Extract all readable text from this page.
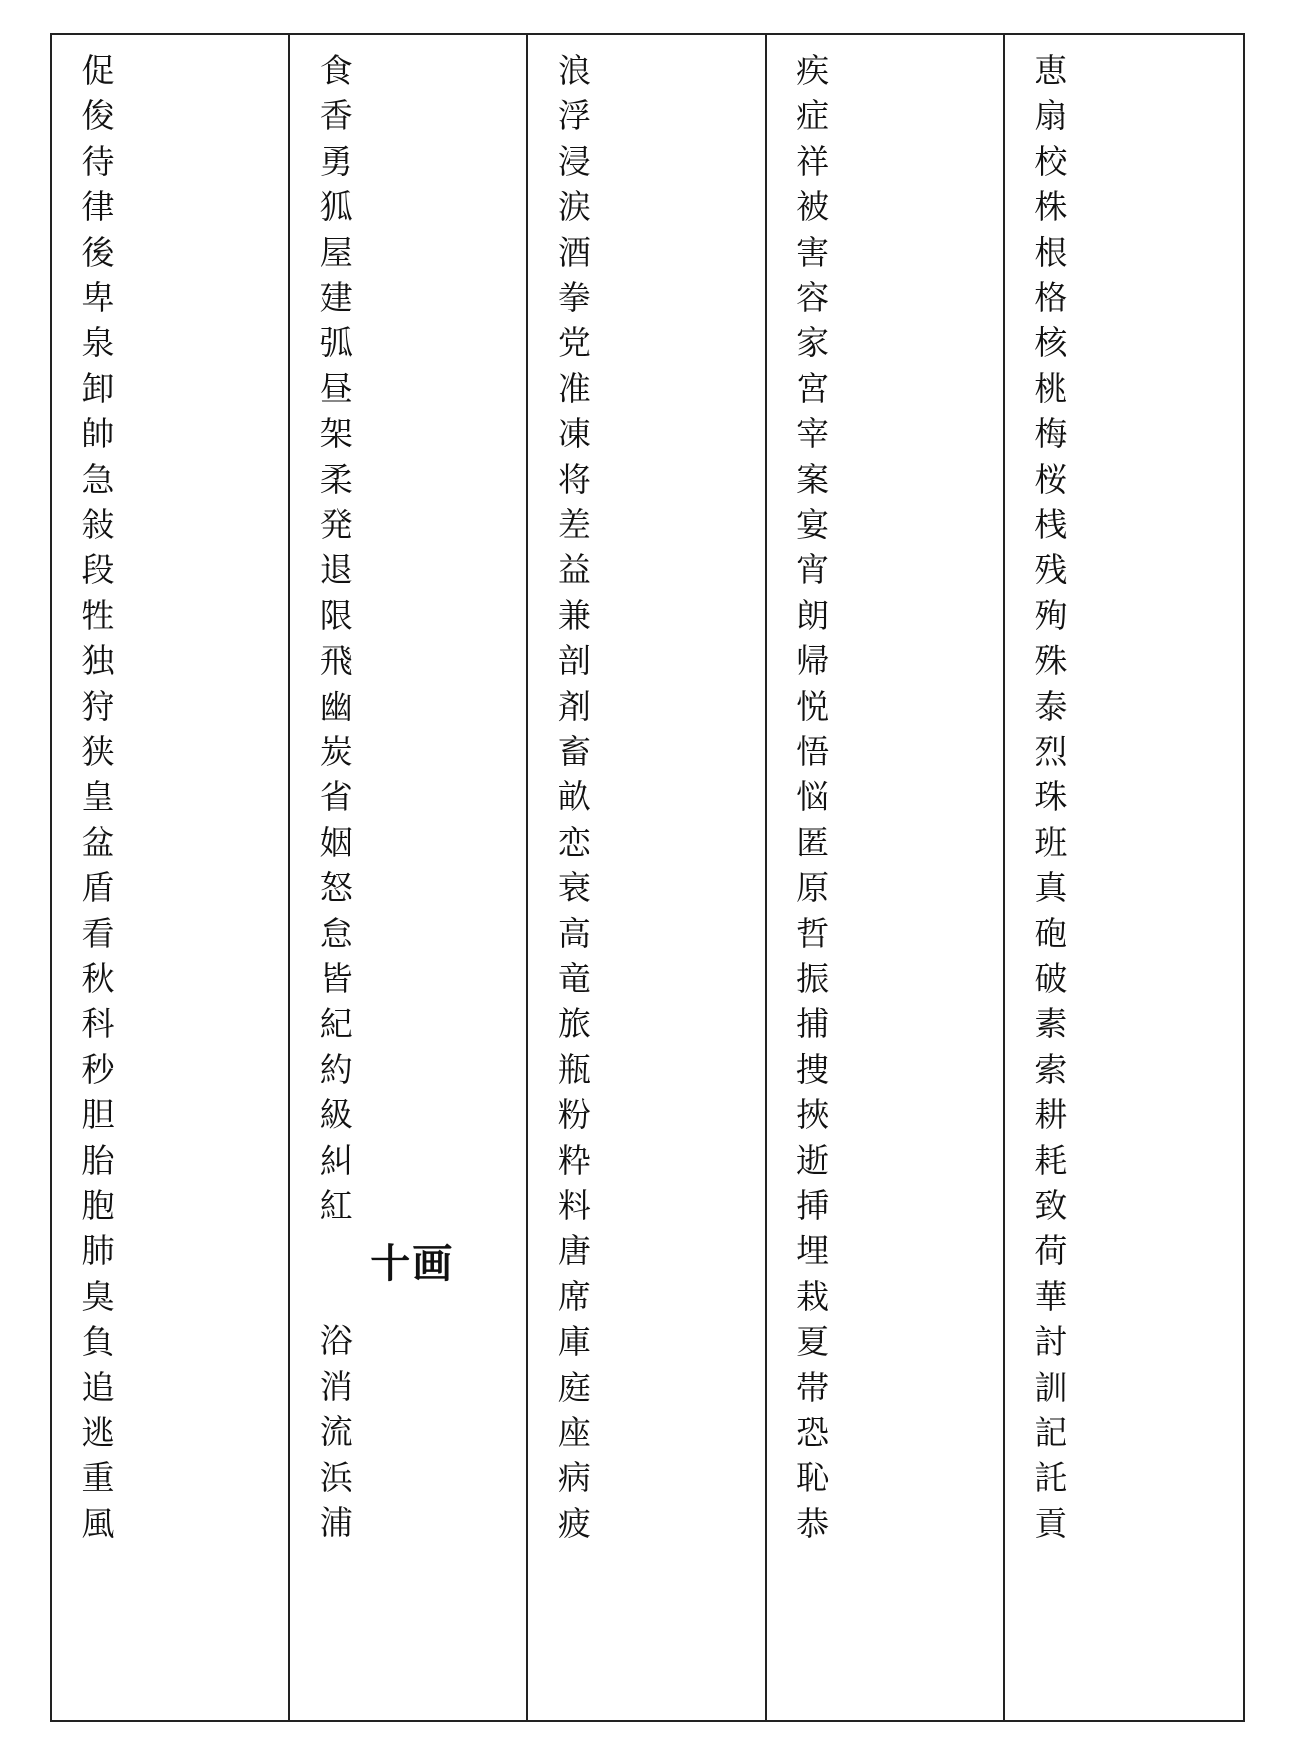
促
俊
待
律
後
卑
泉
卸
帥
急
敍
段
牲
独
狩
狭
皇
盆
盾
看
秋
科
秒
胆
胎
胞
肺
臭
負
追
逃
重
風
食
香
勇
狐
屋
建
弧
昼
架
柔
発
退
限
飛
幽
炭
省
姻
怒
怠
皆
紀
約
級
糾
紅
十画
浴
消
流
浜
浦
浪
浮
浸
涙
酒
拳
党
准
凍
将
差
益
兼
剖
剤
畜
畝
恋
衰
高
竜
旅
瓶
粉
粋
料
唐
席
庫
庭
座
病
疲
疾
症
祥
被
害
容
家
宮
宰
案
宴
宵
朗
帰
悦
悟
悩
匿
原
哲
振
捕
捜
挾
逝
挿
埋
栽
夏
帯
恐
恥
恭
恵
扇
校
株
根
格
核
桃
梅
桜
桟
残
殉
殊
泰
烈
珠
班
真
砲
破
素
索
耕
耗
致
荷
華
討
訓
記
託
貢
